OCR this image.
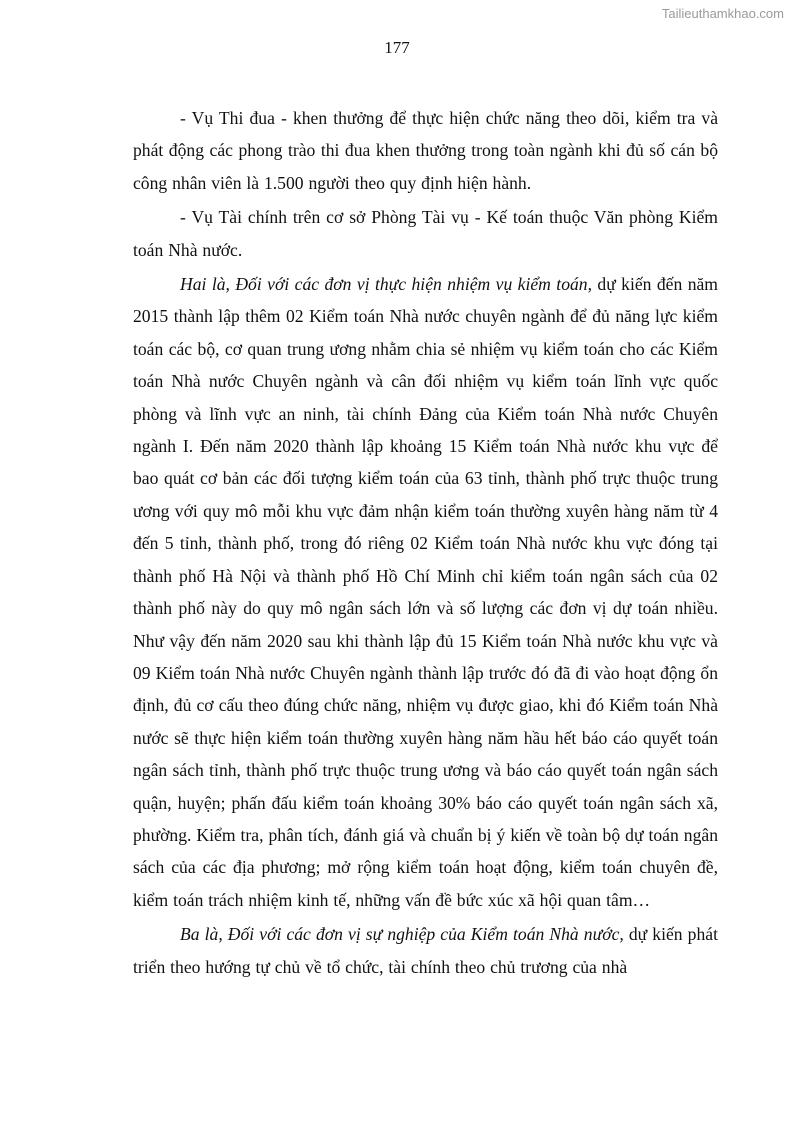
Tailieuthamkhao.com
177

- Vụ Thi đua - khen thưởng để thực hiện chức năng theo dõi, kiểm tra và phát động các phong trào thi đua khen thưởng trong toàn ngành khi đủ số cán bộ công nhân viên là 1.500 người theo quy định hiện hành.

- Vụ Tài chính trên cơ sở Phòng Tài vụ - Kế toán thuộc Văn phòng Kiểm toán Nhà nước.

Hai là, Đối với các đơn vị thực hiện nhiệm vụ kiểm toán, dự kiến đến năm 2015 thành lập thêm 02 Kiểm toán Nhà nước chuyên ngành để đủ năng lực kiểm toán các bộ, cơ quan trung ương nhằm chia sẻ nhiệm vụ kiểm toán cho các Kiểm toán Nhà nước Chuyên ngành và cân đối nhiệm vụ kiểm toán lĩnh vực quốc phòng và lĩnh vực an ninh, tài chính Đảng của Kiểm toán Nhà nước Chuyên ngành I. Đến năm 2020 thành lập khoảng 15 Kiểm toán Nhà nước khu vực để bao quát cơ bản các đối tượng kiểm toán của 63 tỉnh, thành phố trực thuộc trung ương với quy mô mỗi khu vực đảm nhận kiểm toán thường xuyên hàng năm từ 4 đến 5 tỉnh, thành phố, trong đó riêng 02 Kiểm toán Nhà nước khu vực đóng tại thành phố Hà Nội và thành phố Hồ Chí Minh chỉ kiểm toán ngân sách của 02 thành phố này do quy mô ngân sách lớn và số lượng các đơn vị dự toán nhiều. Như vậy đến năm 2020 sau khi thành lập đủ 15 Kiểm toán Nhà nước khu vực và 09 Kiểm toán Nhà nước Chuyên ngành thành lập trước đó đã đi vào hoạt động ổn định, đủ cơ cấu theo đúng chức năng, nhiệm vụ được giao, khi đó Kiểm toán Nhà nước sẽ thực hiện kiểm toán thường xuyên hàng năm hầu hết báo cáo quyết toán ngân sách tỉnh, thành phố trực thuộc trung ương và báo cáo quyết toán ngân sách quận, huyện; phấn đấu kiểm toán khoảng 30% báo cáo quyết toán ngân sách xã, phường. Kiểm tra, phân tích, đánh giá và chuẩn bị ý kiến về toàn bộ dự toán ngân sách của các địa phương; mở rộng kiểm toán hoạt động, kiểm toán chuyên đề, kiểm toán trách nhiệm kinh tế, những vấn đề bức xúc xã hội quan tâm…

Ba là, Đối với các đơn vị sự nghiệp của Kiểm toán Nhà nước, dự kiến phát triển theo hướng tự chủ về tổ chức, tài chính theo chủ trương của nhà
